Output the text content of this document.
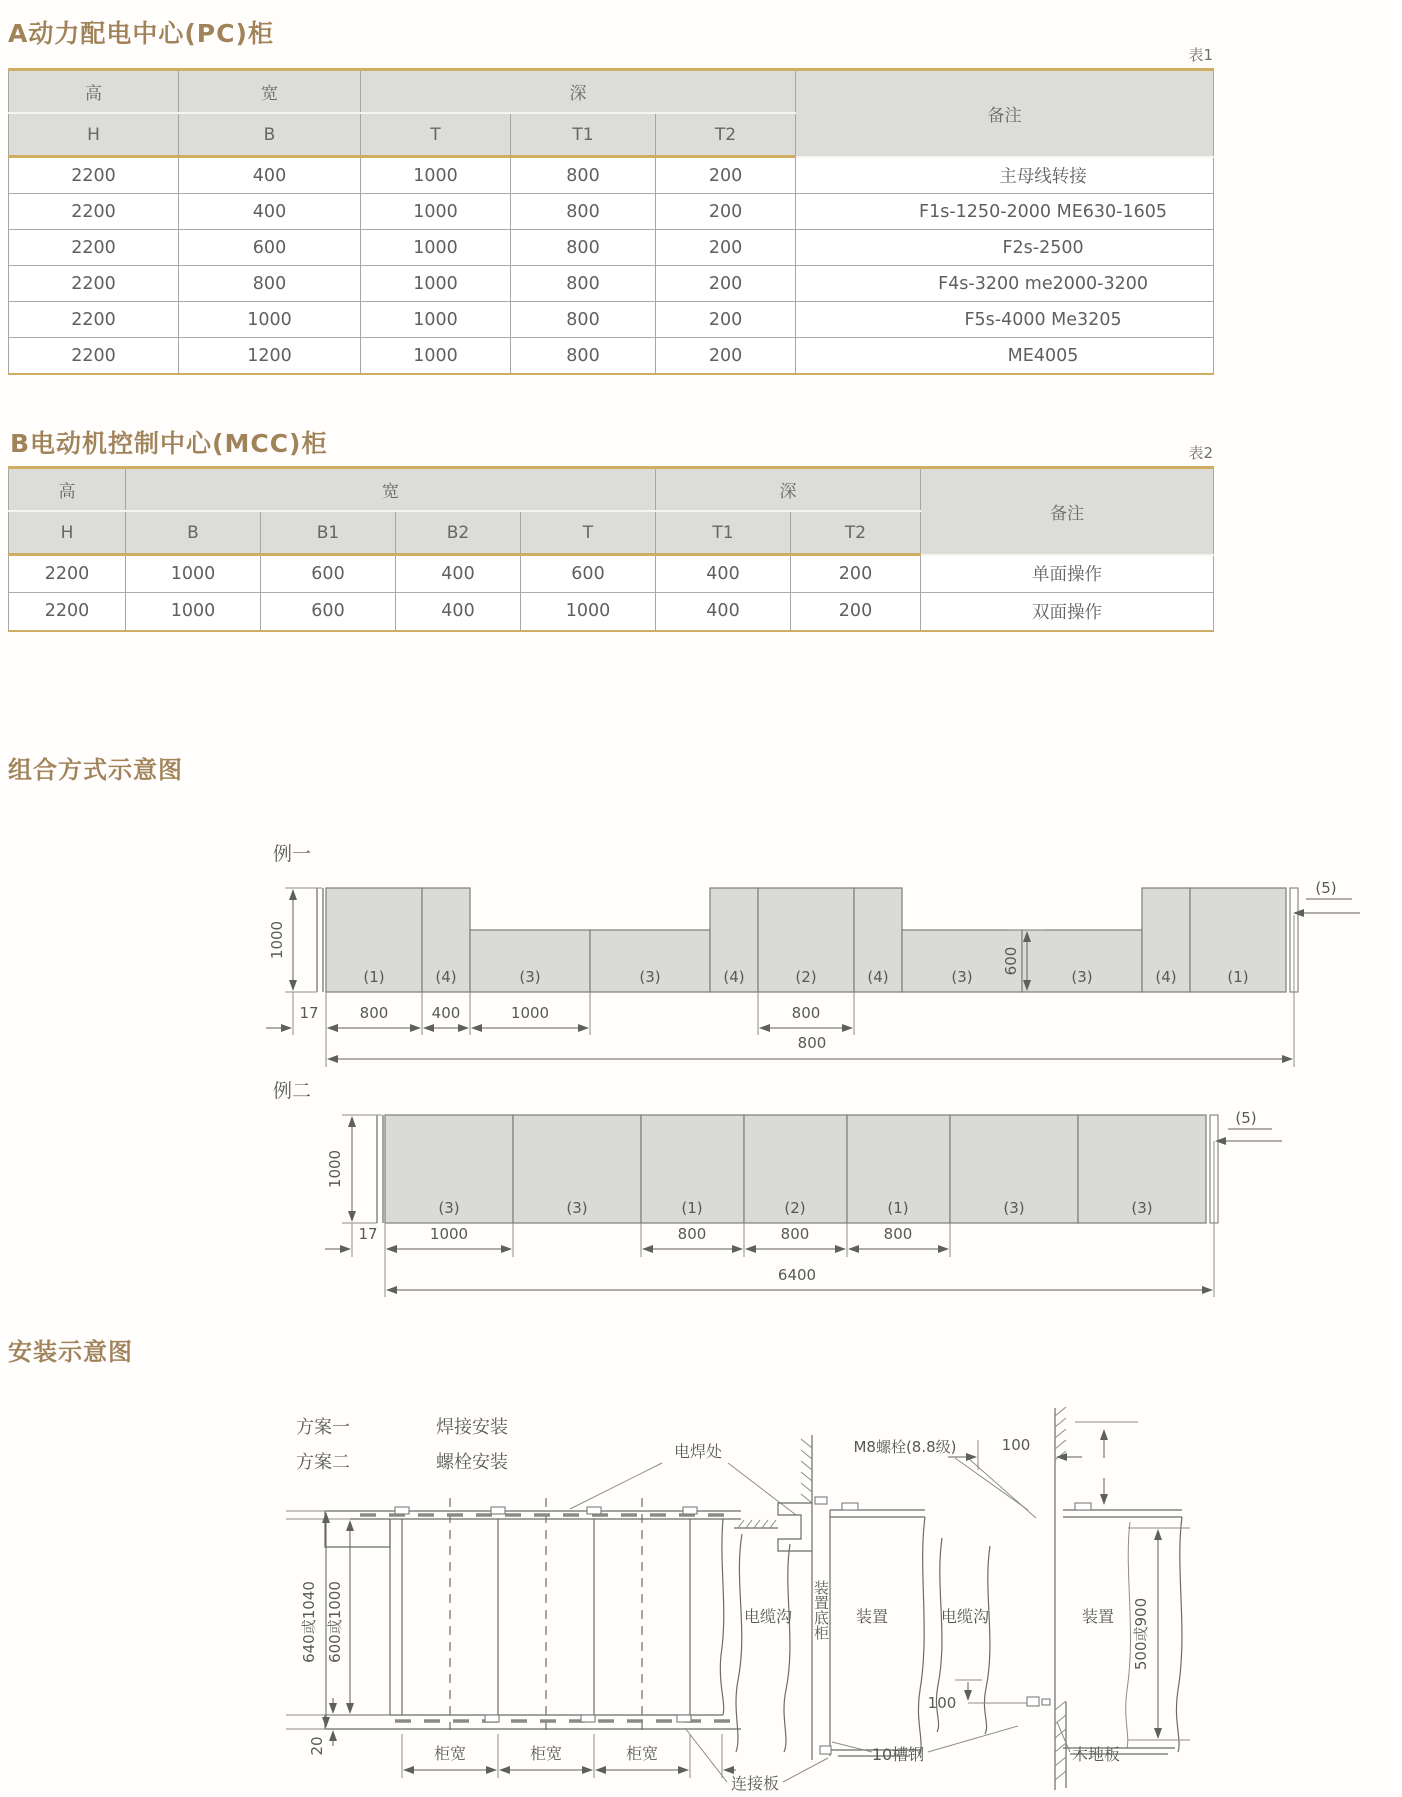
A动力配电中心(PC)柜
表1
高	宽	深			备注
H	B	T	T1	T2	
2200	400	1000	800	200	主母线转接
2200	400	1000	800	200	F1s-1250-2000 ME630-1605
2200	600	1000	800	200	F2s-2500
2200	800	1000	800	200	F4s-3200 me2000-3200
2200	1000	1000	800	200	F5s-4000 Me3205
2200	1200	1000	800	200	ME4005
B电动机控制中心(MCC)柜	表2
高	宽				深		备注
H	B	B1	B2	T	T1	T2	
2200	1000	600	400	600	400	200	单面操作
2200	1000	600	400	1000	400	200	双面操作
组合方式示意图
例一
(1)	(4)	(3)	(3)	(4)	(2)	(4)	(3)	(3)	(4)	(1)
1000
600
17	800	400	1000	800
800
(5)
例二
(3)	(3)	(1)	(2)	(1)	(3)	(3)
1000
17	1000	800	800	800
6400
(5)
安装示意图
方案一	焊接安装
方案二	螺栓安装
640或1040 600或1000
20	柜宽	柜宽	柜宽
电焊处
电缆沟 装置底柜 装置
M8螺栓(8.8级)	100
电缆沟	装置 500或900
100
10槽钢	木地板
连接板
